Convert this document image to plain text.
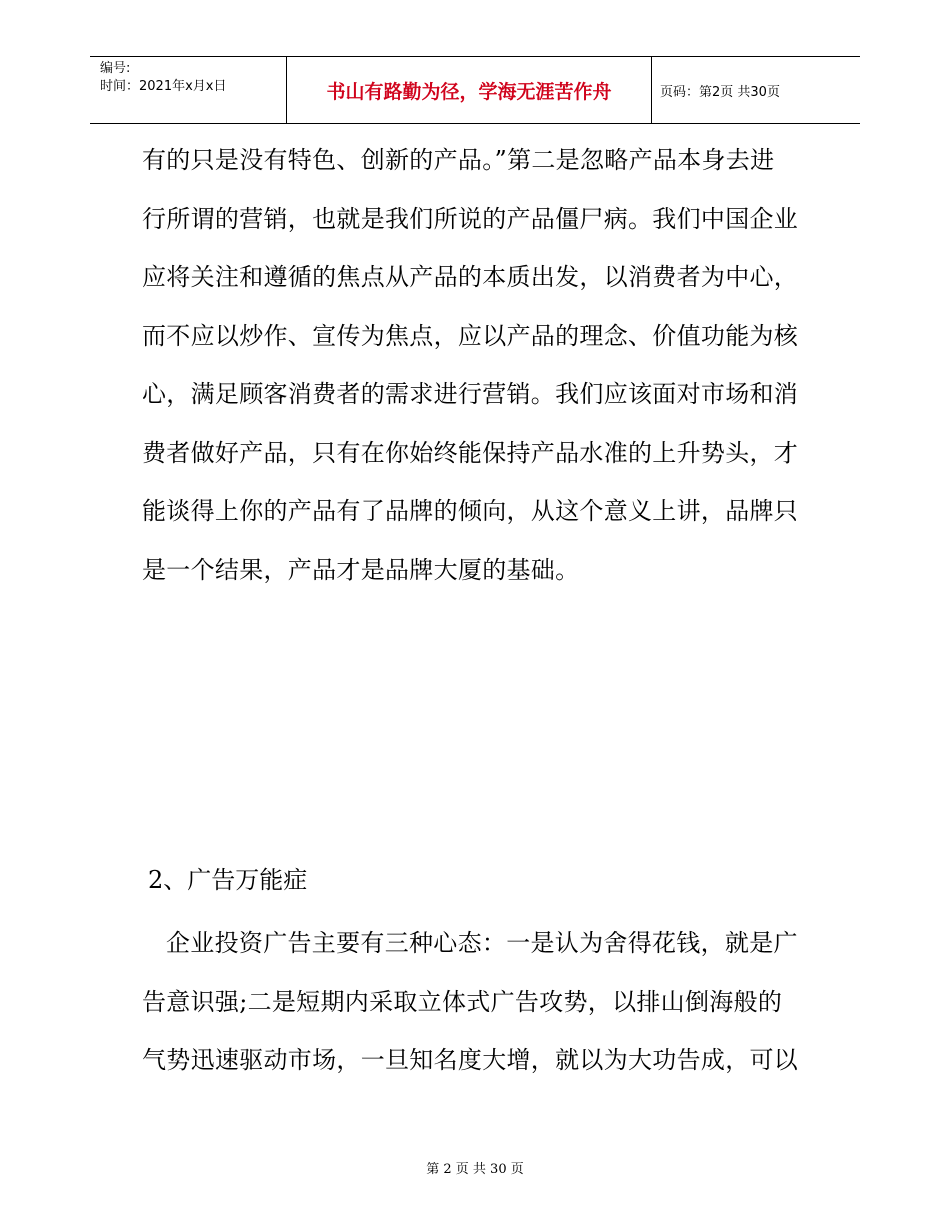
编号:
时间：2021年x月x日	书山有路勤为径，学海无涯苦作舟	页码：第2页 共30页
有的只是没有特色、创新的产品。”第二是忽略产品本身去进
行所谓的营销，也就是我们所说的产品僵尸病。我们中国企业
应将关注和遵循的焦点从产品的本质出发，以消费者为中心，
而不应以炒作、宣传为焦点，应以产品的理念、价值功能为核
心，满足顾客消费者的需求进行营销。我们应该面对市场和消
费者做好产品，只有在你始终能保持产品水准的上升势头，才
能谈得上你的产品有了品牌的倾向，从这个意义上讲，品牌只
是一个结果，产品才是品牌大厦的基础。
2、广告万能症
企业投资广告主要有三种心态：一是认为舍得花钱，就是广
告意识强;二是短期内采取立体式广告攻势，以排山倒海般的
气势迅速驱动市场，一旦知名度大增，就以为大功告成，可以
第 2 页 共 30 页
